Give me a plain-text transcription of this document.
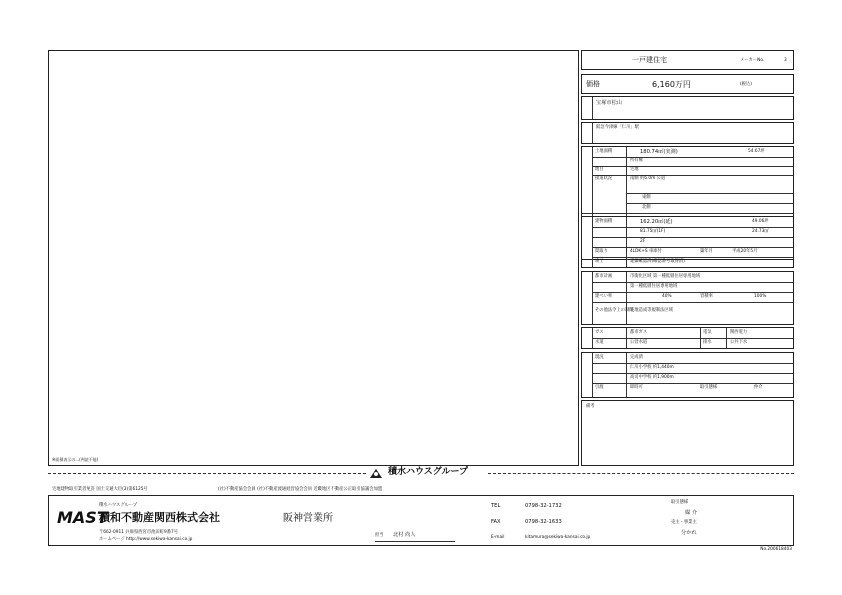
※面積表示の...(判読不能)
一戸建住宅	メーカーNo.	3
価格	6,160万円	(税込)
宝塚市松山
阪急今津線「仁川」駅
土地面積	180.74㎡(実測)	54.67坪
所有権
地目	宅地
接道状況	南側 約6.0m 公道
東側
北側
建物面積	162.20㎡(延)	49.06坪
81.75㎡(1F)	24.73㎡
2F
間取り	4LDK+S 車庫付	築年月	平成20年5月
竣工	建築確認済(確認番号取得済)
都市計画	市街化区域 第一種低層住居専用地域
第一種低層住居専用地域
建ぺい率	40%	容積率	100%
その他法令上の制限
宅地造成等規制法区域
ガス	都市ガス	電気	関西電力
水道	公営水道	排水	公共下水
現況	完成済
仁川小学校 約1,440m
高司中学校 約1,900m
引渡	即時可	取引態様	仲介
備考
積水ハウスグループ
宅地建物取引業者免許 国土交通大臣(3)第6125号	(社)不動産協会会員 (社)不動産流通経営協会会員 近畿地区不動産公正取引協議会加盟
MAST
積水ハウスグループ
積和不動産関西株式会社	阪神営業所
〒662-0911 兵庫県西宮市池田町9番7号
ホームページ http://www.sekiwa-kansai.co.jp
担当 北村 尚人
TEL	0798-32-1732
FAX	0798-32-1633
E-mail	kitamura@sekiwa-kansai.co.jp
取引態様
媒 介
売主・事業主
分かれ
No.200618403
